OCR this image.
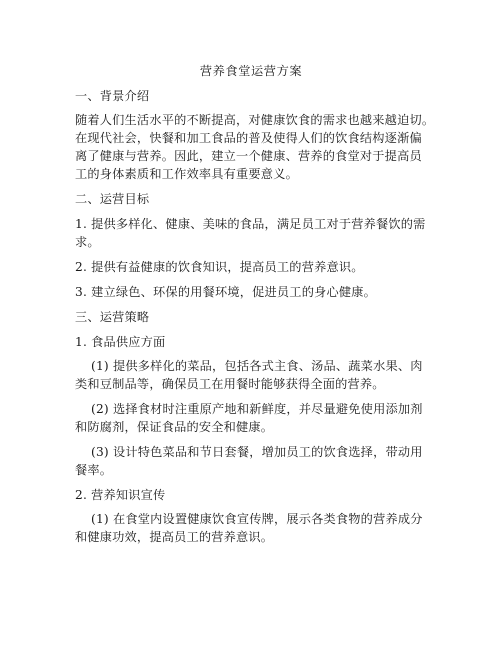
营养食堂运营方案
一、背景介绍
随着人们生活水平的不断提高，对健康饮食的需求也越来越迫切。
在现代社会，快餐和加工食品的普及使得人们的饮食结构逐渐偏
离了健康与营养。因此，建立一个健康、营养的食堂对于提高员
工的身体素质和工作效率具有重要意义。
二、运营目标
1. 提供多样化、健康、美味的食品，满足员工对于营养餐饮的需
求。
2. 提供有益健康的饮食知识，提高员工的营养意识。
3. 建立绿色、环保的用餐环境，促进员工的身心健康。
三、运营策略
1. 食品供应方面
(1) 提供多样化的菜品，包括各式主食、汤品、蔬菜水果、肉
类和豆制品等，确保员工在用餐时能够获得全面的营养。
(2) 选择食材时注重原产地和新鲜度，并尽量避免使用添加剂
和防腐剂，保证食品的安全和健康。
(3) 设计特色菜品和节日套餐，增加员工的饮食选择，带动用
餐率。
2. 营养知识宣传
(1) 在食堂内设置健康饮食宣传牌，展示各类食物的营养成分
和健康功效，提高员工的营养意识。
